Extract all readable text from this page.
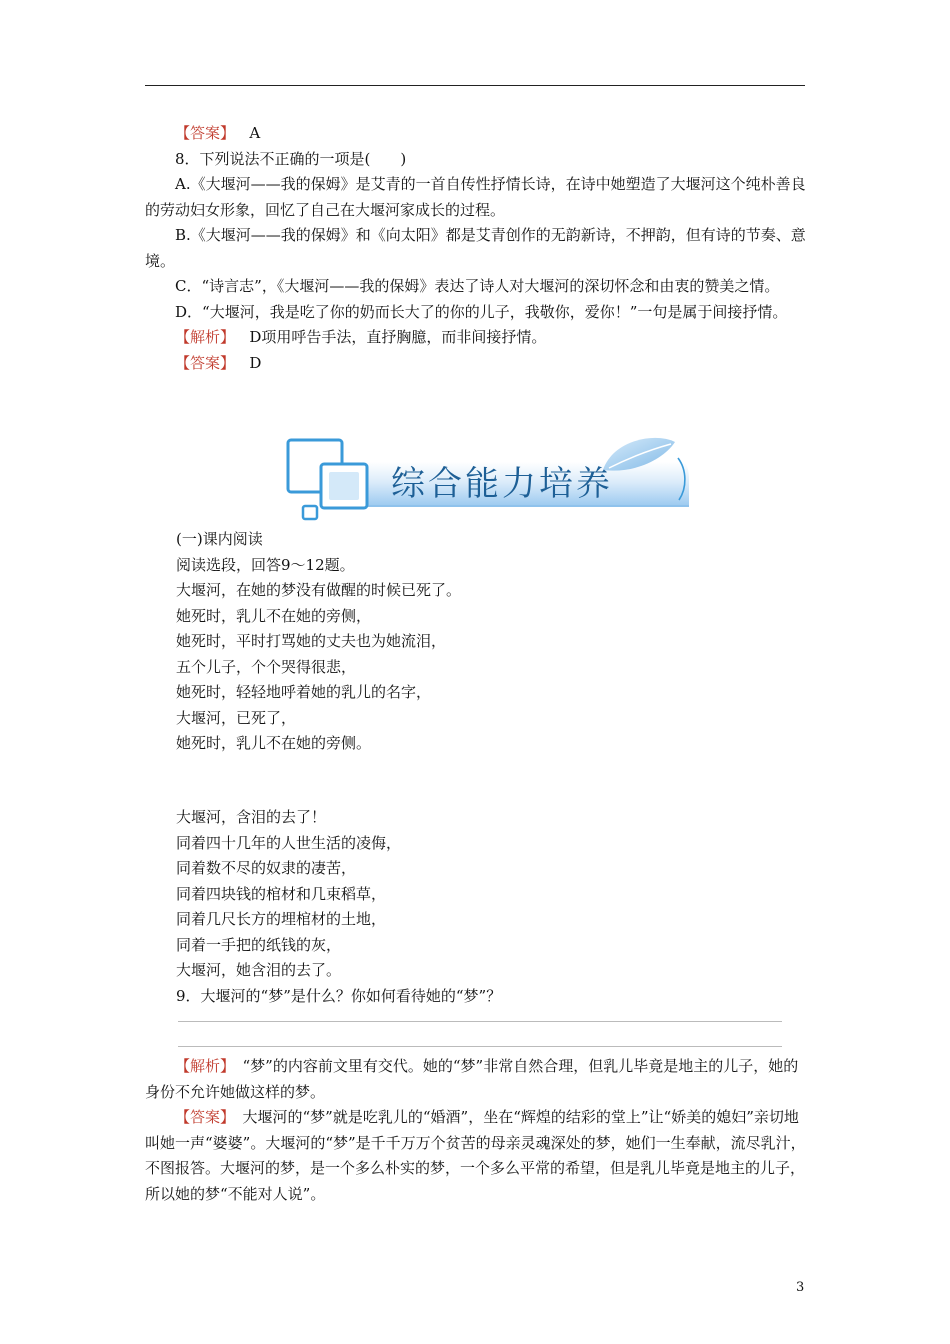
【答案】 A

8．下列说法不正确的一项是(　　)

A.《大堰河——我的保姆》是艾青的一首自传性抒情长诗，在诗中她塑造了大堰河这个纯朴善良的劳动妇女形象，回忆了自己在大堰河家成长的过程。

B.《大堰河——我的保姆》和《向太阳》都是艾青创作的无韵新诗，不押韵，但有诗的节奏、意境。

C．“诗言志”，《大堰河——我的保姆》表达了诗人对大堰河的深切怀念和由衷的赞美之情。

D．“大堰河，我是吃了你的奶而长大了的你的儿子，我敬你，爱你！”一句是属于间接抒情。

【解析】 D项用呼告手法，直抒胸臆，而非间接抒情。

【答案】 D

综合能力培养

(一)课内阅读

阅读选段，回答9～12题。

大堰河，在她的梦没有做醒的时候已死了。

她死时，乳儿不在她的旁侧，

她死时，平时打骂她的丈夫也为她流泪，

五个儿子，个个哭得很悲，

她死时，轻轻地呼着她的乳儿的名字，

大堰河，已死了，

她死时，乳儿不在她的旁侧。

大堰河，含泪的去了！

同着四十几年的人世生活的凌侮，

同着数不尽的奴隶的凄苦，

同着四块钱的棺材和几束稻草，

同着几尺长方的埋棺材的土地，

同着一手把的纸钱的灰，

大堰河，她含泪的去了。

9．大堰河的“梦”是什么？你如何看待她的“梦”？

【解析】　“梦”的内容前文里有交代。她的“梦”非常自然合理，但乳儿毕竟是地主的儿子，她的身份不允许她做这样的梦。

【答案】　大堰河的“梦”就是吃乳儿的“婚酒”，坐在“辉煌的结彩的堂上”让“娇美的媳妇”亲切地叫她一声“婆婆”。大堰河的“梦”是千千万万个贫苦的母亲灵魂深处的梦，她们一生奉献，流尽乳汁，不图报答。大堰河的梦，是一个多么朴实的梦，一个多么平常的希望，但是乳儿毕竟是地主的儿子，所以她的梦“不能对人说”。

3
